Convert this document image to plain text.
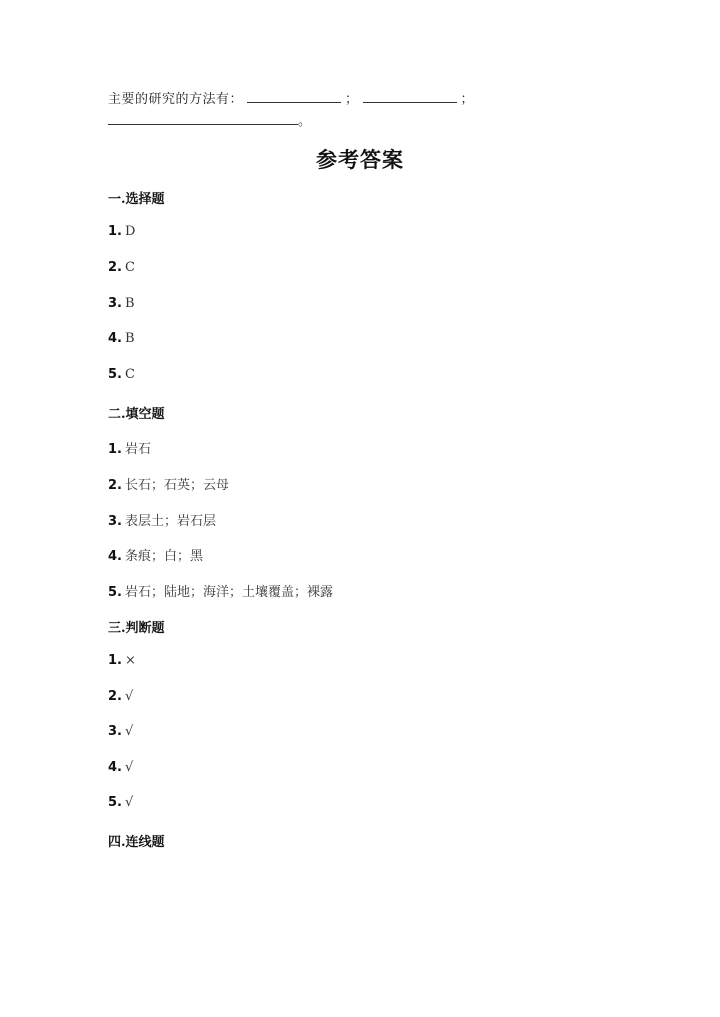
主要的研究的方法有：	；	；
。
参考答案
一.选择题
1. D
2. C
3. B
4. B
5. C
二.填空题
1. 岩石
2. 长石；石英；云母
3. 表层土；岩石层
4. 条痕；白；黑
5. 岩石；陆地；海洋；土壤覆盖；裸露
三.判断题
1. ×
2. √
3. √
4. √
5. √
四.连线题
